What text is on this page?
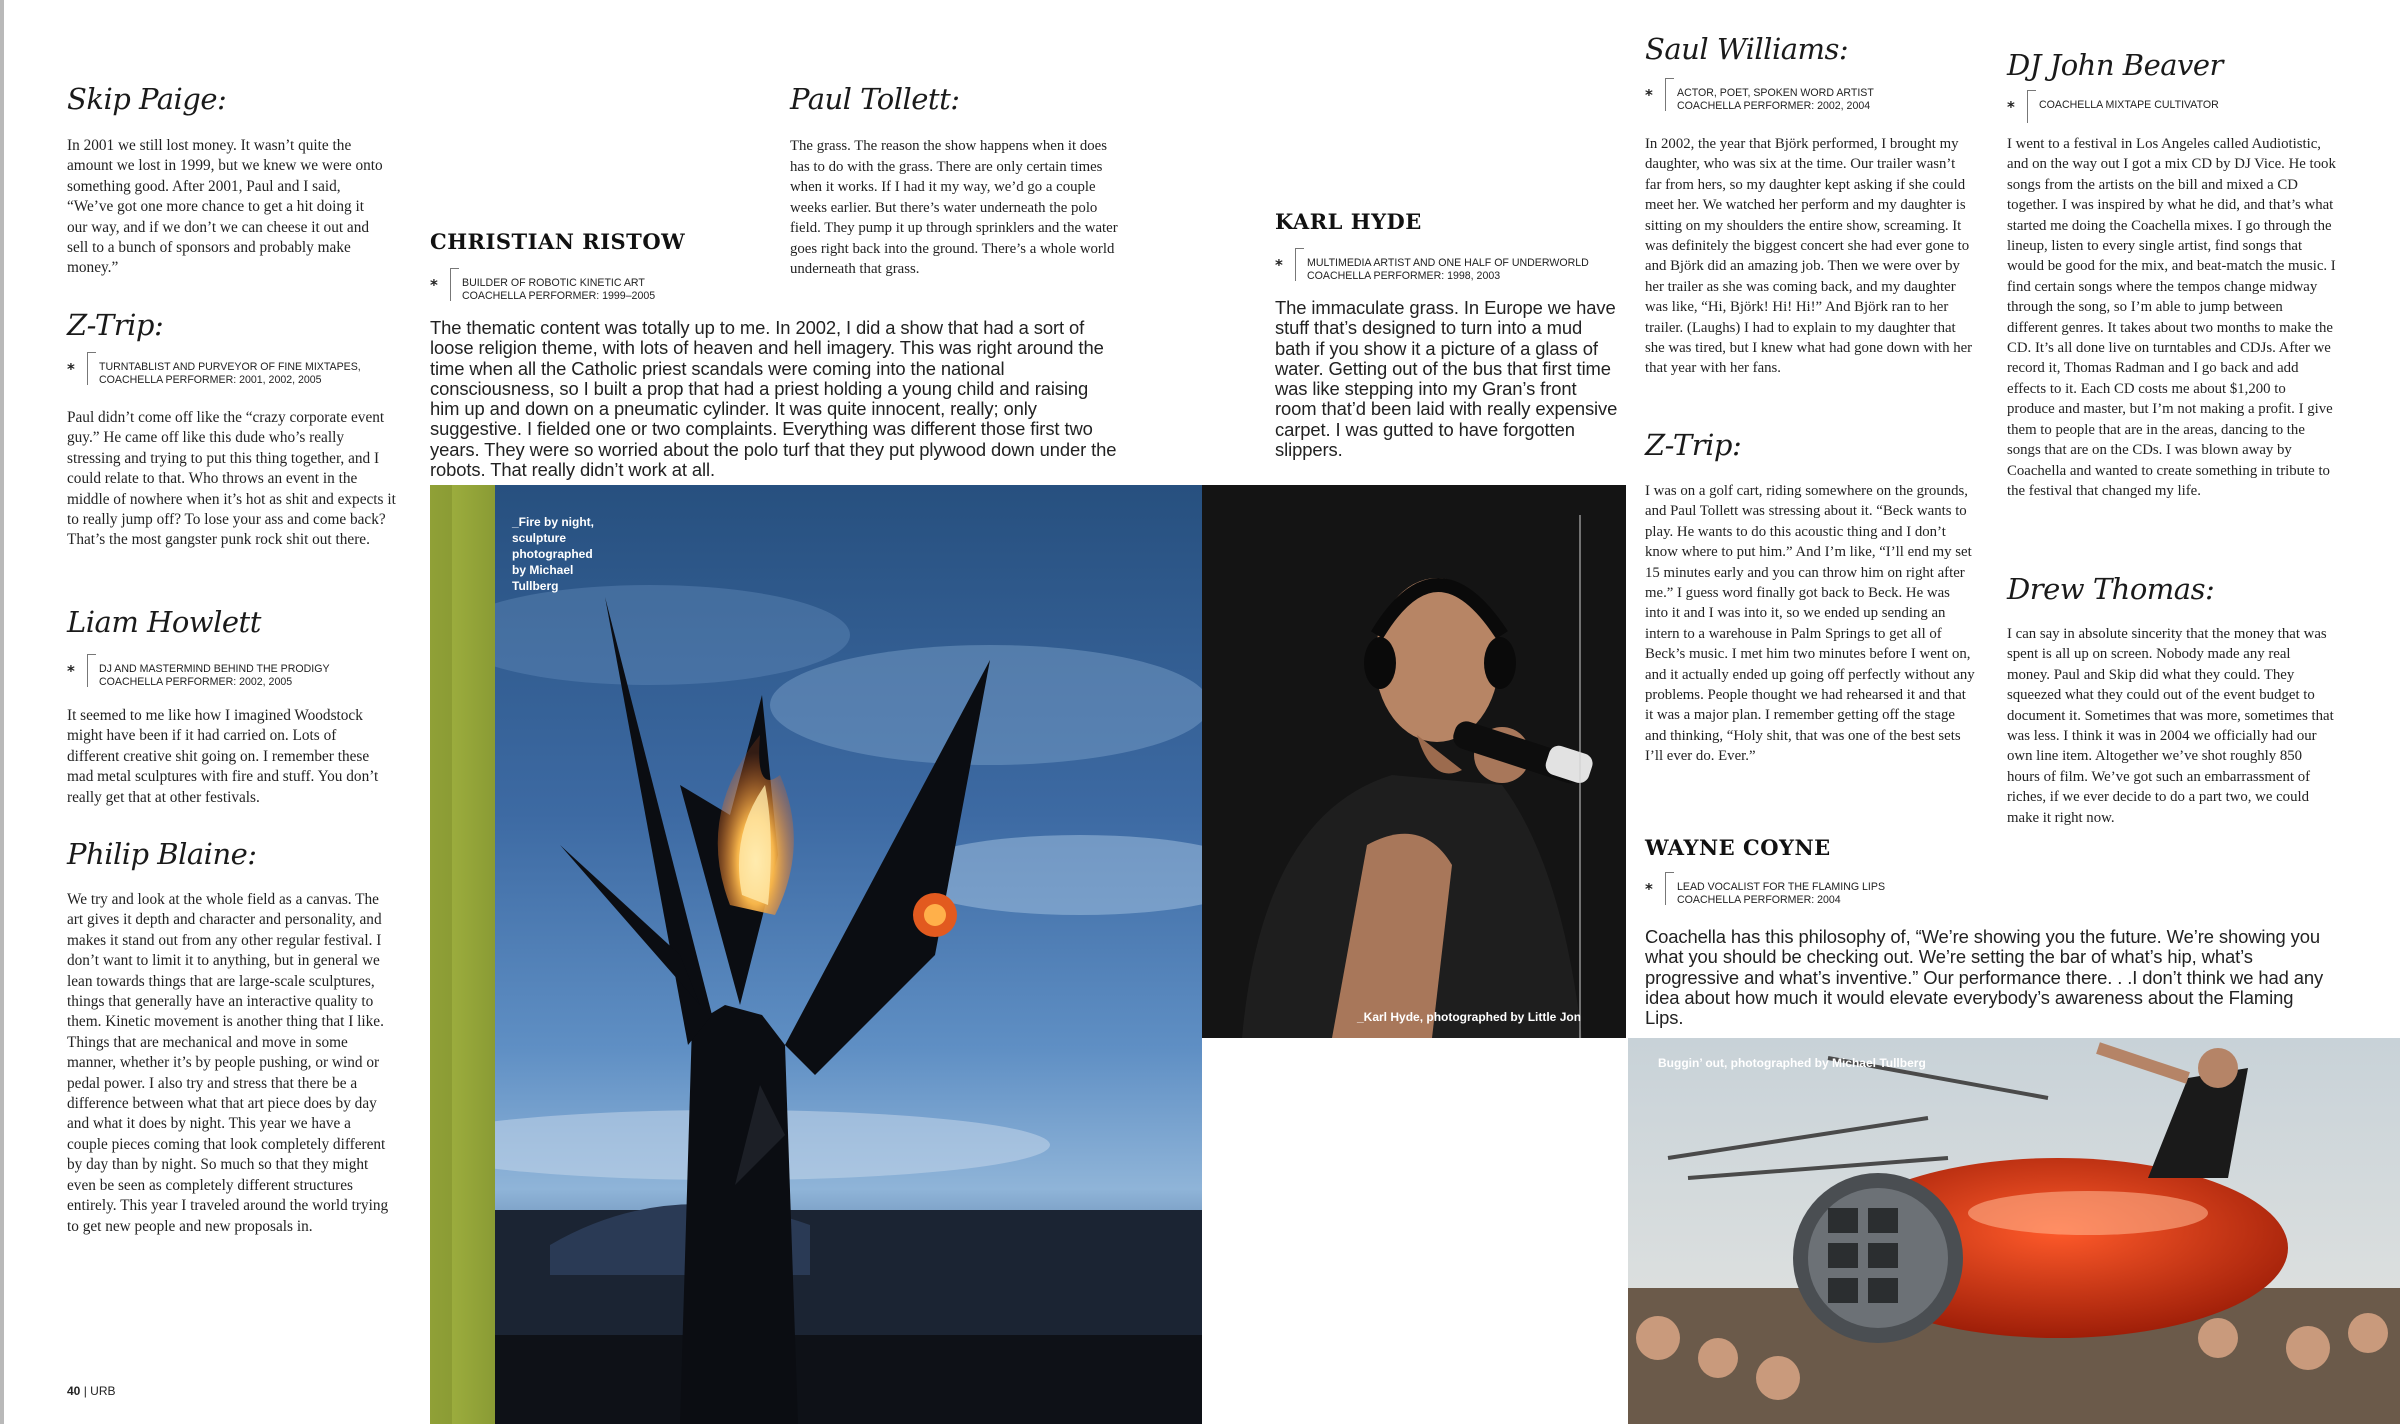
Skip Paige:

In 2001 we still lost money. It wasn’t quite the amount we lost in 1999, but we knew we were onto something good. After 2001, Paul and I said, “We’ve got one more chance to get a hit doing it our way, and if we don’t we can cheese it out and sell to a bunch of sponsors and probably make money.”

Z-Trip:
* TURNTABLIST AND PURVEYOR OF FINE MIXTAPES,
COACHELLA PERFORMER: 2001, 2002, 2005

Paul didn’t come off like the “crazy corporate event guy.” He came off like this dude who’s really stressing and trying to put this thing together, and I could relate to that. Who throws an event in the middle of nowhere when it’s hot as shit and expects it to really jump off? To lose your ass and come back? That’s the most gangster punk rock shit out there.

Liam Howlett
* DJ AND MASTERMIND BEHIND THE PRODIGY
COACHELLA PERFORMER: 2002, 2005

It seemed to me like how I imagined Woodstock might have been if it had carried on. Lots of different creative shit going on. I remember these mad metal sculptures with fire and stuff. You don’t really get that at other festivals.

Philip Blaine:

We try and look at the whole field as a canvas. The art gives it depth and character and personality, and makes it stand out from any other regular festival. I don’t want to limit it to anything, but in general we lean towards things that are large-scale sculptures, things that generally have an interactive quality to them. Kinetic movement is another thing that I like. Things that are mechanical and move in some manner, whether it’s by people pushing, or wind or pedal power. I also try and stress that there be a difference between what that art piece does by day and what it does by night. This year we have a couple pieces coming that look completely different by day than by night. So much so that they might even be seen as completely different structures entirely. This year I traveled around the world trying to get new people and new proposals in.

40 | URB
Paul Tollett:

The grass. The reason the show happens when it does has to do with the grass. There are only certain times when it works. If I had it my way, we’d go a couple weeks earlier. But there’s water underneath the polo field. They pump it up through sprinklers and the water goes right back into the ground. There’s a whole world underneath that grass.

CHRISTIAN RISTOW
* BUILDER OF ROBOTIC KINETIC ART
COACHELLA PERFORMER: 1999–2005

The thematic content was totally up to me. In 2002, I did a show that had a sort of loose religion theme, with lots of heaven and hell imagery. This was right around the time when all the Catholic priest scandals were coming into the national consciousness, so I built a prop that had a priest holding a young child and raising him up and down on a pneumatic cylinder. It was quite innocent, really; only suggestive. I fielded one or two complaints. Everything was different those first two years. They were so worried about the polo turf that they put plywood down under the robots. That really didn’t work at all.

_Fire by night,
sculpture
photographed
by Michael
Tullberg
KARL HYDE
* MULTIMEDIA ARTIST AND ONE HALF OF UNDERWORLD
COACHELLA PERFORMER: 1998, 2003

The immaculate grass. In Europe we have stuff that’s designed to turn into a mud bath if you show it a picture of a glass of water. Getting out of the bus that first time was like stepping into my Gran’s front room that’d been laid with really expensive carpet. I was gutted to have forgotten slippers.

_Karl Hyde, photographed by Little Jon
Saul Williams:
* ACTOR, POET, SPOKEN WORD ARTIST
COACHELLA PERFORMER: 2002, 2004

In 2002, the year that Björk performed, I brought my daughter, who was six at the time. Our trailer wasn’t far from hers, so my daughter kept asking if she could meet her. We watched her perform and my daughter is sitting on my shoulders the entire show, screaming. It was definitely the biggest concert she had ever gone to and Björk did an amazing job. Then we were over by her trailer as she was coming back, and my daughter was like, “Hi, Björk! Hi! Hi!” And Björk ran to her trailer. (Laughs) I had to explain to my daughter that she was tired, but I knew what had gone down with her that year with her fans.

Z-Trip:

I was on a golf cart, riding somewhere on the grounds, and Paul Tollett was stressing about it. “Beck wants to play. He wants to do this acoustic thing and I don’t know where to put him.” And I’m like, “I’ll end my set 15 minutes early and you can throw him on right after me.” I guess word finally got back to Beck. He was into it and I was into it, so we ended up sending an intern to a warehouse in Palm Springs to get all of Beck’s music. I met him two minutes before I went on, and it actually ended up going off perfectly without any problems. People thought we had rehearsed it and that it was a major plan. I remember getting off the stage and thinking, “Holy shit, that was one of the best sets I’ll ever do. Ever.”

WAYNE COYNE
* LEAD VOCALIST FOR THE FLAMING LIPS
COACHELLA PERFORMER: 2004

Coachella has this philosophy of, “We’re showing you the future. We’re showing you what you should be checking out. We’re setting the bar of what’s hip, what’s progressive and what’s inventive.” Our performance there. . .I don’t think we had any idea about how much it would elevate everybody’s awareness about the Flaming Lips.

DJ John Beaver
* COACHELLA MIXTAPE CULTIVATOR

I went to a festival in Los Angeles called Audiotistic, and on the way out I got a mix CD by DJ Vice. He took songs from the artists on the bill and mixed a CD together. I was inspired by what he did, and that’s what started me doing the Coachella mixes. I go through the lineup, listen to every single artist, find songs that would be good for the mix, and beat-match the music. I find certain songs where the tempos change midway through the song, so I’m able to jump between different genres. It takes about two months to make the CD. It’s all done live on turntables and CDJs. After we record it, Thomas Radman and I go back and add effects to it. Each CD costs me about $1,200 to produce and master, but I’m not making a profit. I give them to people that are in the areas, dancing to the songs that are on the CDs. I was blown away by Coachella and wanted to create something in tribute to the festival that changed my life.

Drew Thomas:

I can say in absolute sincerity that the money that was spent is all up on screen. Nobody made any real money. Paul and Skip did what they could. They squeezed what they could out of the event budget to document it. Sometimes that was more, sometimes that was less. I think it was in 2004 we officially had our own line item. Altogether we’ve shot roughly 850 hours of film. We’ve got such an embarrassment of riches, if we ever decide to do a part two, we could make it right now.

Buggin’ out, photographed by Michael Tullberg
